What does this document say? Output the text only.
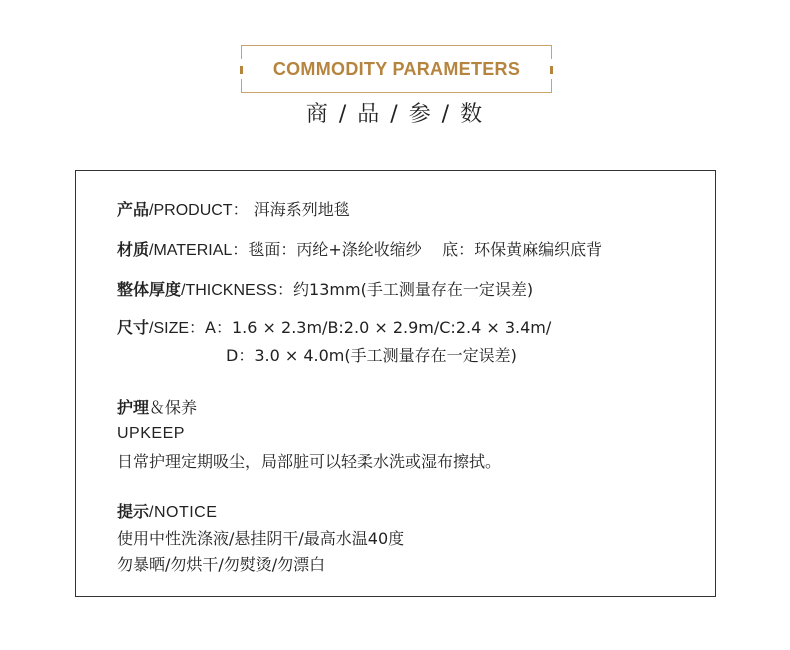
COMMODITY PARAMETERS
商 / 品 / 参 / 数
产品/PRODUCT： 洱海系列地毯
材质/MATERIAL：毯面：丙纶+涤纶收缩纱    底：环保黄麻编织底背
整体厚度/THICKNESS：约13mm(手工测量存在一定误差)
尺寸/SIZE：A：1.6 × 2.3m/B:2.0 × 2.9m/C:2.4 × 3.4m/
D：3.0 × 4.0m(手工测量存在一定误差)
护理＆保养
UPKEEP
日常护理定期吸尘，局部脏可以轻柔水洗或湿布擦拭。
提示/NOTICE
使用中性洗涤液/悬挂阴干/最高水温40度
勿暴晒/勿烘干/勿熨烫/勿漂白
